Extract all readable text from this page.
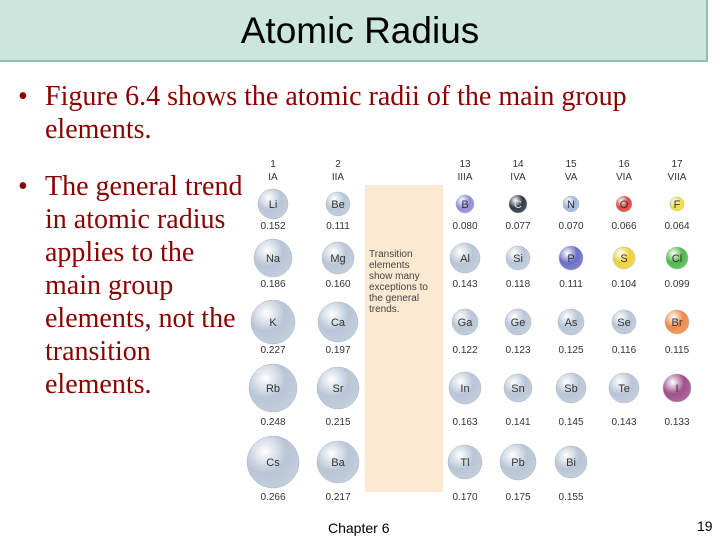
Atomic Radius
• Figure 6.4 shows the atomic radii of the main group elements.
• The general trend in atomic radius applies to the main group elements, not the transition elements.
Transition
elements
show many
exceptions to
the general
trends.
1
IA
2
IIA
13
IIIA
14
IVA
15
VA
16
VIA
17
VIIA
Li
0.152
Be
0.111
B
0.080
C
0.077
N
0.070
O
0.066
F
0.064
Na
0.186
Mg
0.160
Al
0.143
Si
0.118
P
0.111
S
0.104
Cl
0.099
K
0.227
Ca
0.197
Ga
0.122
Ge
0.123
As
0.125
Se
0.116
Br
0.115
Rb
0.248
Sr
0.215
In
0.163
Sn
0.141
Sb
0.145
Te
0.143
I
0.133
Cs
0.266
Ba
0.217
Tl
0.170
Pb
0.175
Bi
0.155
Chapter 6	19
